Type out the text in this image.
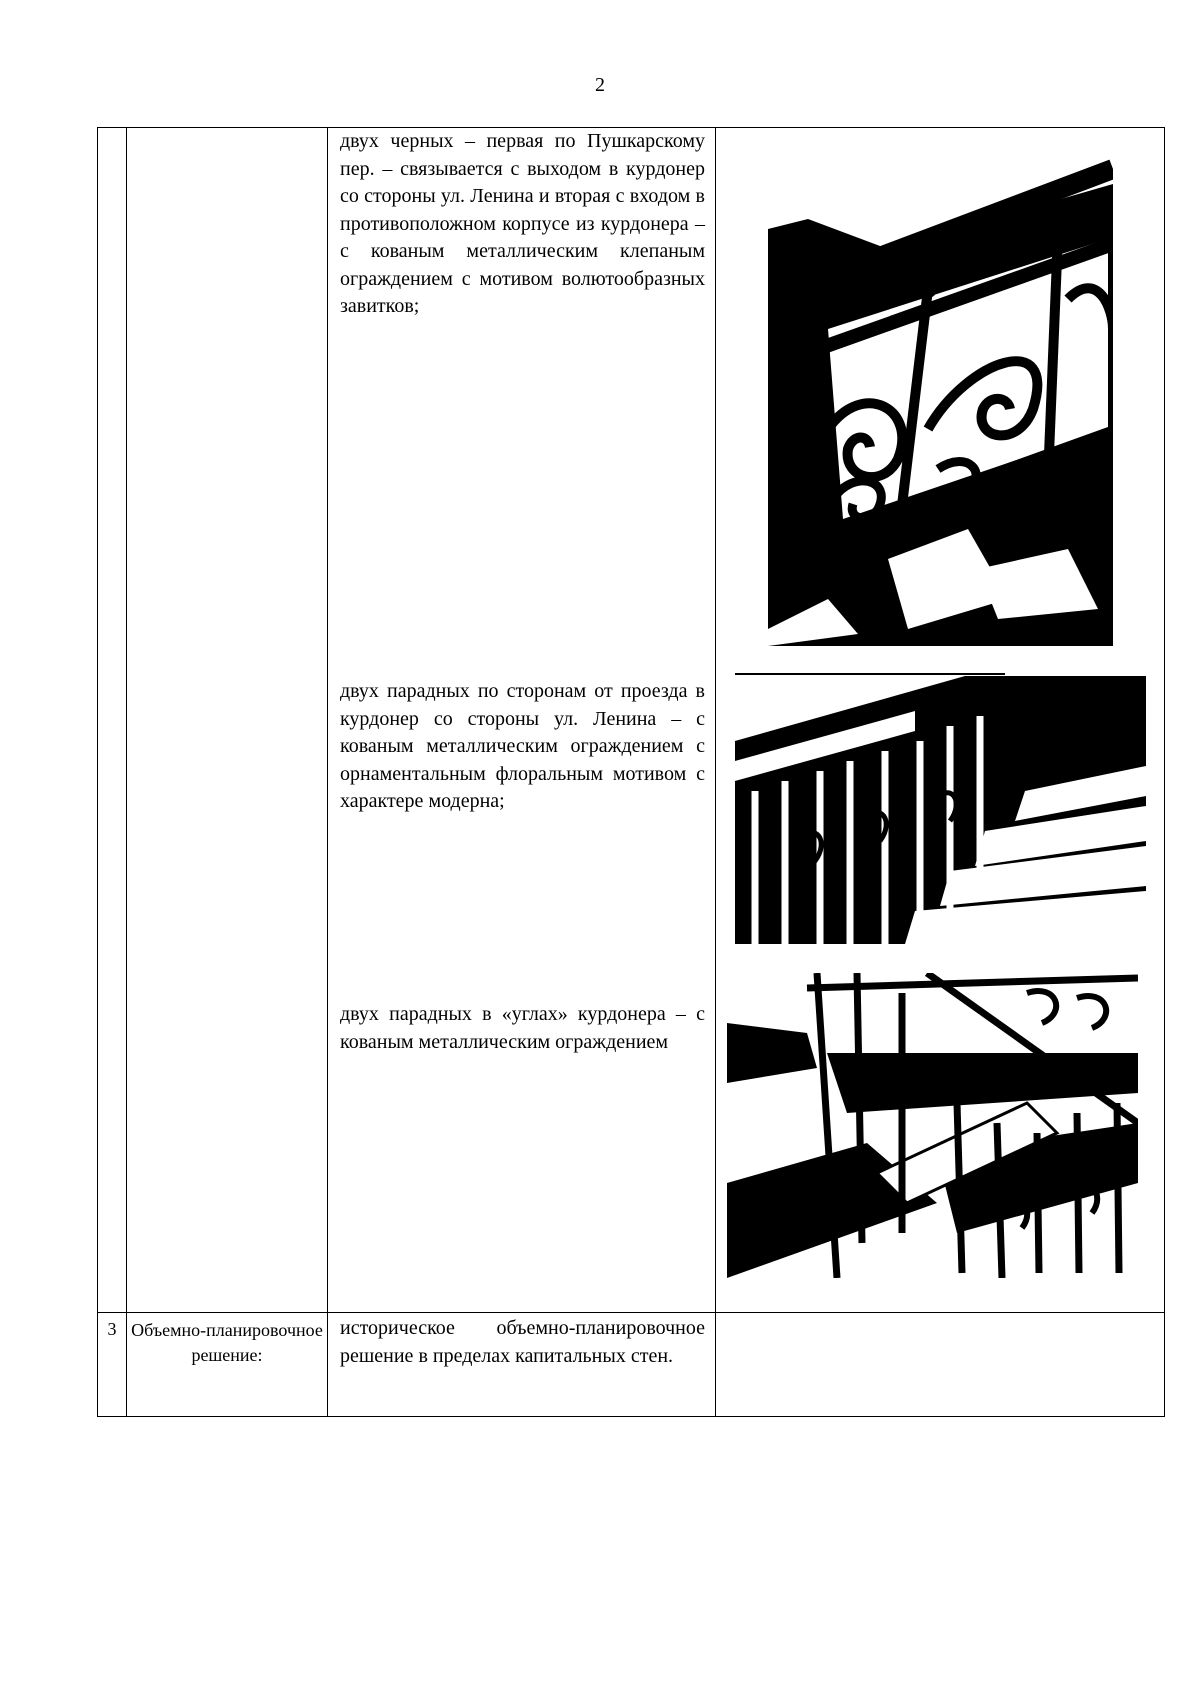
2

		двух черных – первая по Пушкарскому пер. – связывается с выходом в курдонер со стороны ул. Ленина и вторая с входом в противоположном корпусе из курдонера – с кованым металлическим клепаным ограждением с мотивом волютообразных завитков;

двух парадных по сторонам от проезда в курдонер со стороны ул. Ленина – с кованым металлическим ограждением с орнаментальным флоральным мотивом с характере модерна;

двух парадных в «углах» курдонера – с кованым металлическим ограждением

3	Объемно-планировочное решение:	историческое объемно-планировочное решение в пределах капитальных стен.	
